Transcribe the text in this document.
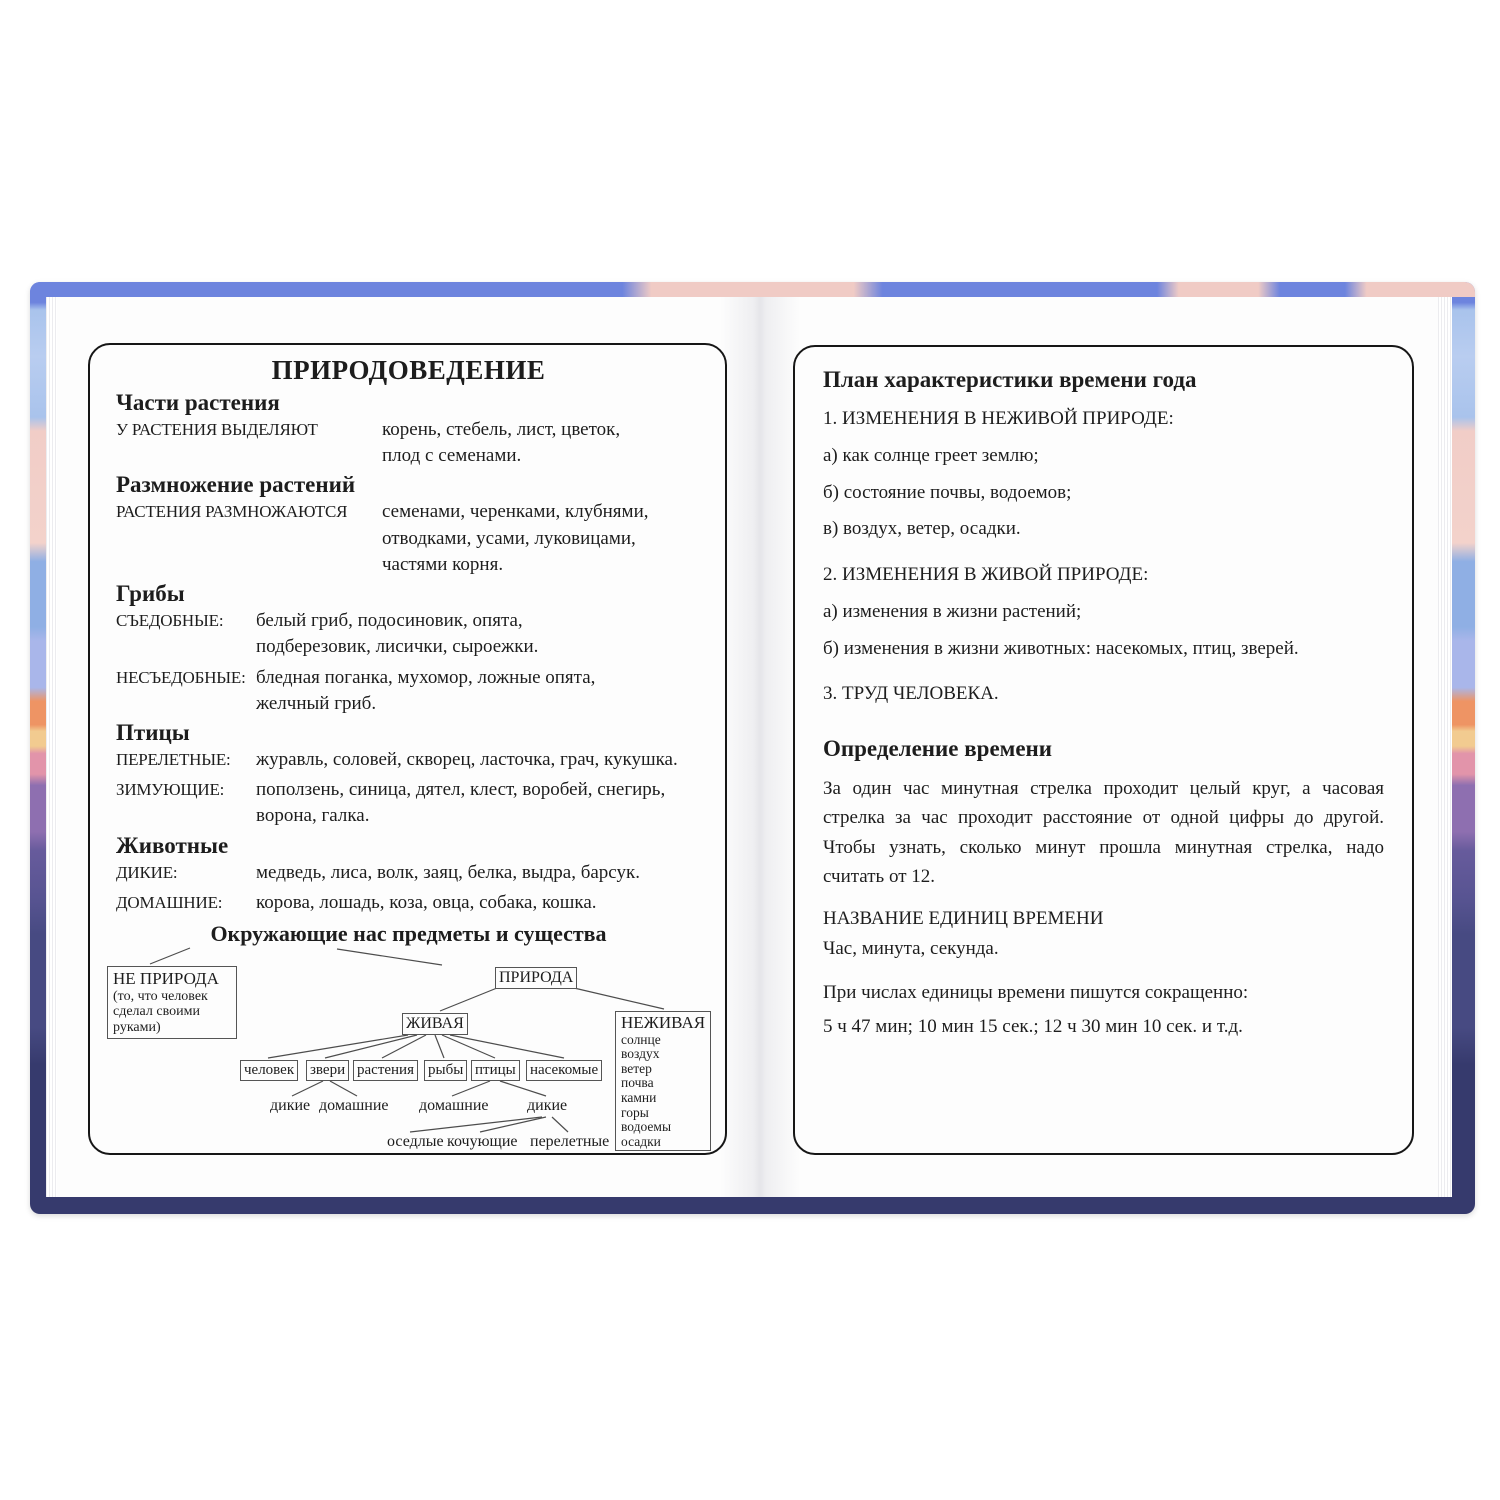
ПРИРОДОВЕДЕНИЕ
Части растения
У РАСТЕНИЯ ВЫДЕЛЯЮТ	корень, стебель, лист, цветок,
плод с семенами.
Размножение растений
РАСТЕНИЯ РАЗМНОЖАЮТСЯ	семенами, черенками, клубнями,
отводками, усами, луковицами,
частями корня.
Грибы
СЪЕДОБНЫЕ:	белый гриб, подосиновик, опята,
подберезовик, лисички, сыроежки.
НЕСЪЕДОБНЫЕ: бледная поганка, мухомор, ложные опята,
желчный гриб.
Птицы
ПЕРЕЛЕТНЫЕ:	журавль, соловей, скворец, ласточка, грач, кукушка.
ЗИМУЮЩИЕ:	поползень, синица, дятел, клест, воробей, снегирь,
ворона, галка.
Животные
ДИКИЕ:	медведь, лиса, волк, заяц, белка, выдра, барсук.
ДОМАШНИЕ:	корова, лошадь, коза, овца, собака, кошка.
Окружающие нас предметы и существа
НЕ ПРИРОДА
(то, что человек сделал своими руками)
ПРИРОДА
ЖИВАЯ	НЕЖИВАЯ
солнце
воздух
ветер
почва
камни
горы
водоемы
осадки
человек звери растения рыбы птицы насекомые
дикие домашние домашние дикие
оседлые кочующие перелетные
План характеристики времени года
1. ИЗМЕНЕНИЯ В НЕЖИВОЙ ПРИРОДЕ:
а) как солнце греет землю;
б) состояние почвы, водоемов;
в) воздух, ветер, осадки.
2. ИЗМЕНЕНИЯ В ЖИВОЙ ПРИРОДЕ:
а) изменения в жизни растений;
б) изменения в жизни животных: насекомых, птиц, зверей.
3. ТРУД ЧЕЛОВЕКА.
Определение времени

За один час минутная стрелка проходит целый круг, а часовая стрелка за час проходит расстояние от одной цифры до другой. Чтобы узнать, сколько минут прошла минутная стрелка, надо считать от 12.

НАЗВАНИЕ ЕДИНИЦ ВРЕМЕНИ
Час, минута, секунда.
При числах единицы времени пишутся сокращенно:
5 ч 47 мин; 10 мин 15 сек.; 12 ч 30 мин 10 сек. и т.д.
